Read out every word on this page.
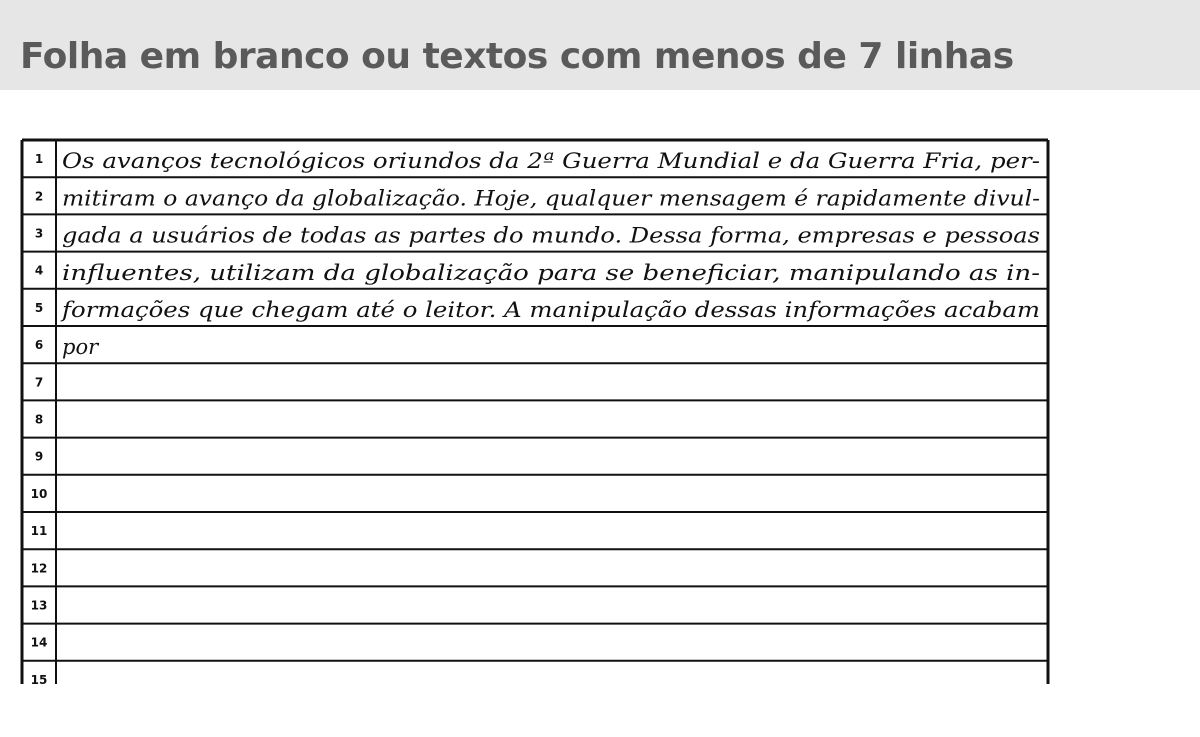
Folha em branco ou textos com menos de 7 linhas
1
2
3
4
5
6
7
8
9
10
11
12
13
14
15
Os avanços tecnológicos oriundos da 2ª Guerra Mundial e da Guerra Fria, per-
mitiram o avanço da globalização. Hoje, qualquer mensagem é rapidamente divul-
gada a usuários de todas as partes do mundo. Dessa forma, empresas e pessoas
influentes, utilizam da globalização para se beneficiar, manipulando as in-
formações que chegam até o leitor. A manipulação dessas informações acabam
por
